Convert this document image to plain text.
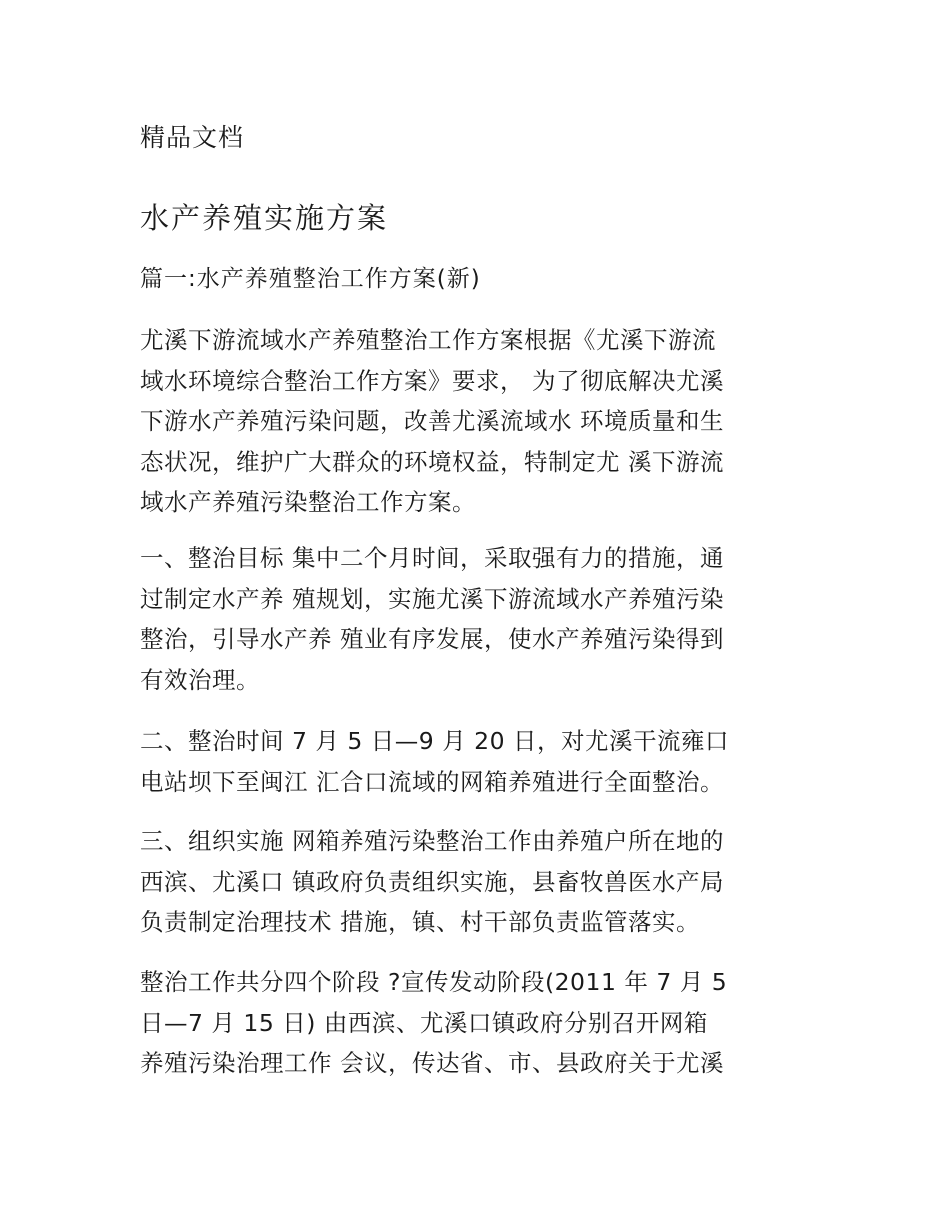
精品文档
水产养殖实施方案
篇一:水产养殖整治工作方案(新)
尤溪下游流域水产养殖整治工作方案根据《尤溪下游流
域水环境综合整治工作方案》要求， 为了彻底解决尤溪
下游水产养殖污染问题，改善尤溪流域水 环境质量和生
态状况，维护广大群众的环境权益，特制定尤 溪下游流
域水产养殖污染整治工作方案。
一、整治目标 集中二个月时间，采取强有力的措施，通
过制定水产养 殖规划，实施尤溪下游流域水产养殖污染
整治，引导水产养 殖业有序发展，使水产养殖污染得到
有效治理。
二、整治时间 7 月 5 日—9 月 20 日，对尤溪干流雍口
电站坝下至闽江 汇合口流域的网箱养殖进行全面整治。
三、组织实施 网箱养殖污染整治工作由养殖户所在地的
西滨、尤溪口 镇政府负责组织实施，县畜牧兽医水产局
负责制定治理技术 措施，镇、村干部负责监管落实。
整治工作共分四个阶段 ?宣传发动阶段(2011 年 7 月 5
日—7 月 15 日) 由西滨、尤溪口镇政府分别召开网箱
养殖污染治理工作 会议，传达省、市、县政府关于尤溪
